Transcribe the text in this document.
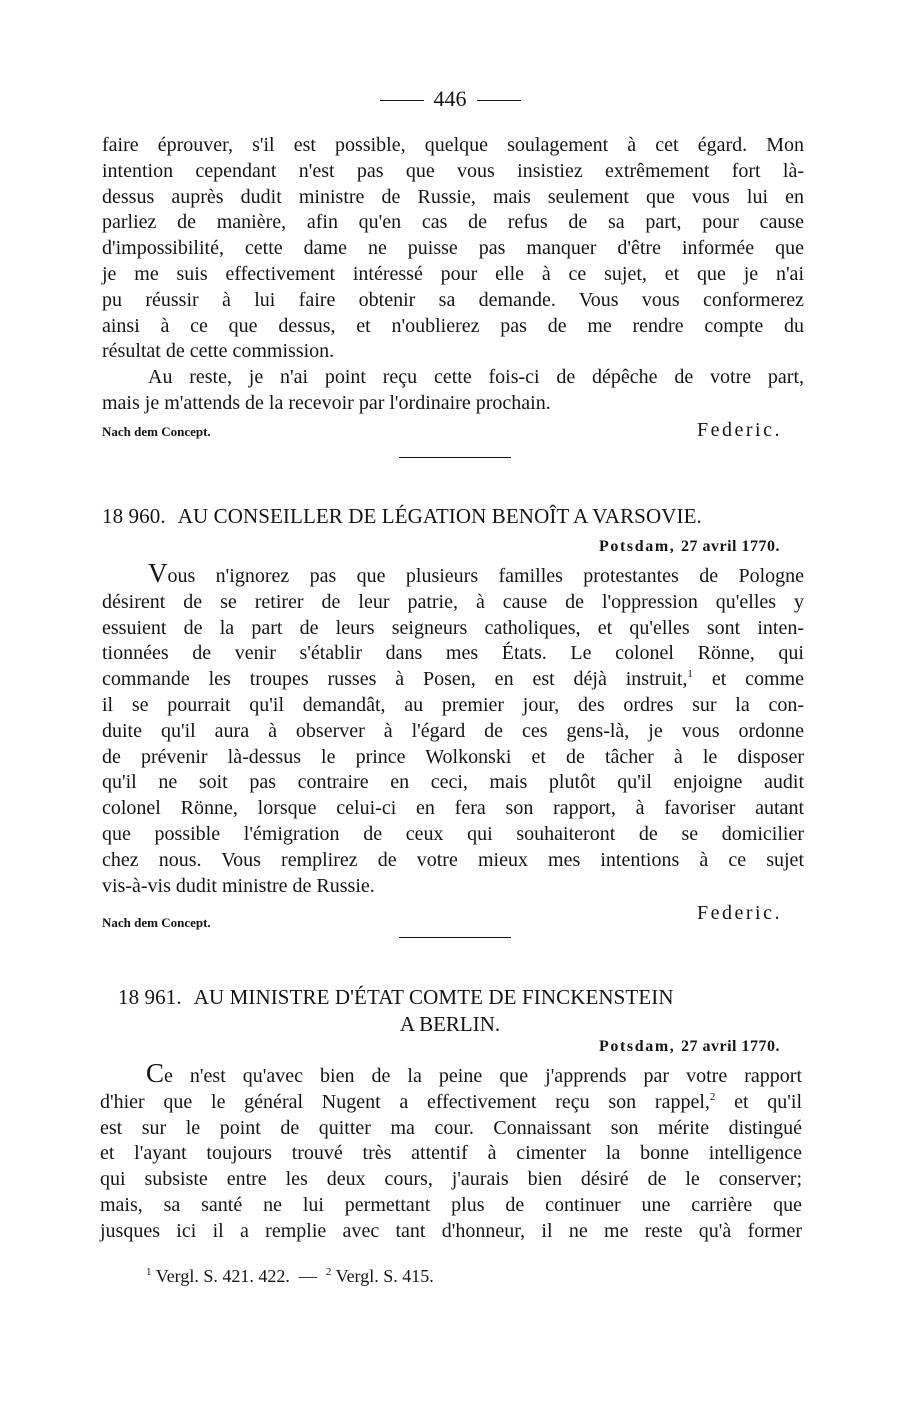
446
faire éprouver, s'il est possible, quelque soulagement à cet égard. Mon
intention cependant n'est pas que vous insistiez extrêmement fort là-
dessus auprès dudit ministre de Russie, mais seulement que vous lui en
parliez de manière, afin qu'en cas de refus de sa part, pour cause
d'impossibilité, cette dame ne puisse pas manquer d'être informée que
je me suis effectivement intéressé pour elle à ce sujet, et que je n'ai
pu réussir à lui faire obtenir sa demande. Vous vous conformerez
ainsi à ce que dessus, et n'oublierez pas de me rendre compte du
résultat de cette commission.
Au reste, je n'ai point reçu cette fois-ci de dépêche de votre part,
mais je m'attends de la recevoir par l'ordinaire prochain.
Nach dem Concept.	Federic.
18 960. AU CONSEILLER DE LÉGATION BENOÎT A VARSOVIE.
Potsdam, 27 avril 1770.
Vous n'ignorez pas que plusieurs familles protestantes de Pologne
désirent de se retirer de leur patrie, à cause de l'oppression qu'elles y
essuient de la part de leurs seigneurs catholiques, et qu'elles sont inten-
tionnées de venir s'établir dans mes États. Le colonel Rönne, qui
commande les troupes russes à Posen, en est déjà instruit,$^1$ et comme
il se pourrait qu'il demandât, au premier jour, des ordres sur la con-
duite qu'il aura à observer à l'égard de ces gens-là, je vous ordonne
de prévenir là-dessus le prince Wolkonski et de tâcher à le disposer
qu'il ne soit pas contraire en ceci, mais plutôt qu'il enjoigne audit
colonel Rönne, lorsque celui-ci en fera son rapport, à favoriser autant
que possible l'émigration de ceux qui souhaiteront de se domicilier
chez nous. Vous remplirez de votre mieux mes intentions à ce sujet
vis-à-vis dudit ministre de Russie.
Nach dem Concept.	Federic.
18 961. AU MINISTRE D'ÉTAT COMTE DE FINCKENSTEIN
A BERLIN.
Potsdam, 27 avril 1770.
Ce n'est qu'avec bien de la peine que j'apprends par votre rapport
d'hier que le général Nugent a effectivement reçu son rappel,$^2$ et qu'il
est sur le point de quitter ma cour. Connaissant son mérite distingué
et l'ayant toujours trouvé très attentif à cimenter la bonne intelligence
qui subsiste entre les deux cours, j'aurais bien désiré de le conserver;
mais, sa santé ne lui permettant plus de continuer une carrière que
jusques ici il a remplie avec tant d'honneur, il ne me reste qu'à former
$^1$ Vergl. S. 421. 422. — $^2$ Vergl. S. 415.
